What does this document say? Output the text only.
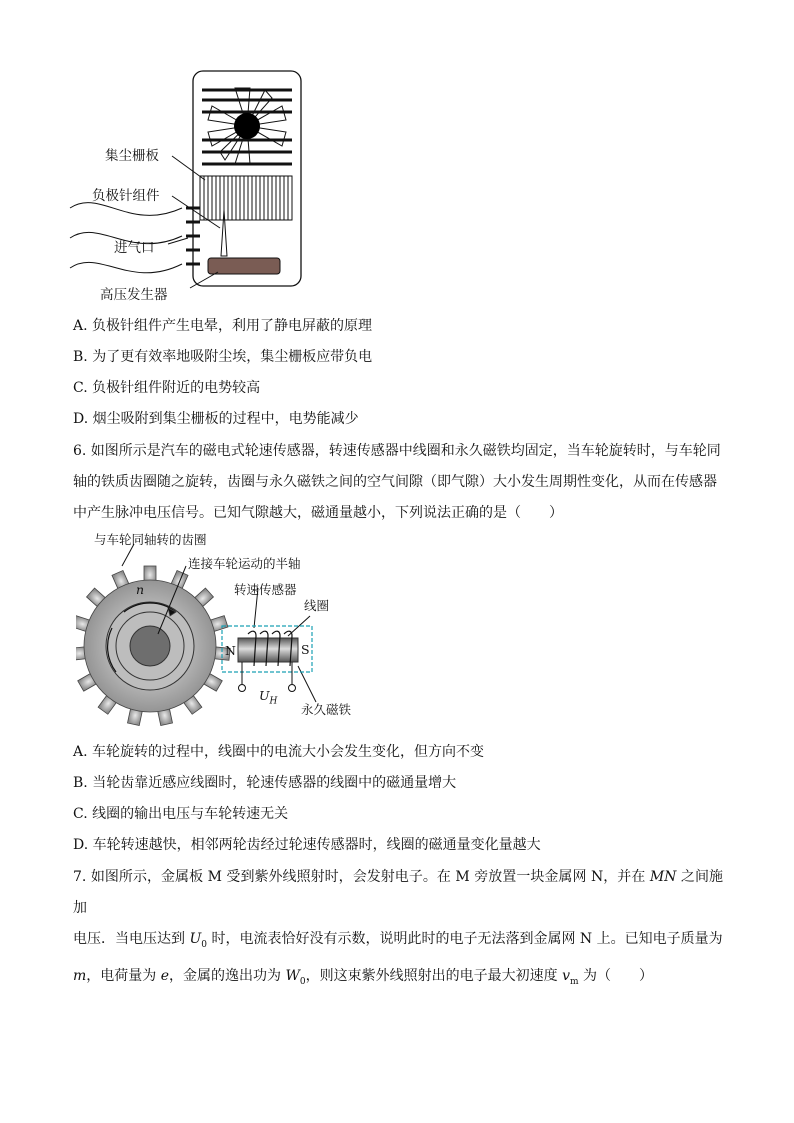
集尘栅板
负极针组件
进气口
高压发生器
A. 负极针组件产生电晕，利用了静电屏蔽的原理
B. 为了更有效率地吸附尘埃，集尘栅板应带负电
C. 负极针组件附近的电势较高
D. 烟尘吸附到集尘栅板的过程中，电势能减少
6. 如图所示是汽车的磁电式轮速传感器，转速传感器中线圈和永久磁铁均固定，当车轮旋转时，与车轮同
轴的铁质齿圈随之旋转，齿圈与永久磁铁之间的空气间隙（即气隙）大小发生周期性变化，从而在传感器
中产生脉冲电压信号。已知气隙越大，磁通量越小，下列说法正确的是（　　）
与车轮同轴转的齿圈
连接车轮运动的半轴
n	转速传感器
线圈
N	S
$U_H$
永久磁铁
A. 车轮旋转的过程中，线圈中的电流大小会发生变化，但方向不变
B. 当轮齿靠近感应线圈时，轮速传感器的线圈中的磁通量增大
C. 线圈的输出电压与车轮转速无关
D. 车轮转速越快，相邻两轮齿经过轮速传感器时，线圈的磁通量变化量越大
7. 如图所示，金属板 M 受到紫外线照射时，会发射电子。在 M 旁放置一块金属网 N，并在 MN 之间施加
电压．当电压达到 $U_0$ 时，电流表恰好没有示数，说明此时的电子无法落到金属网 N 上。已知电子质量为
m，电荷量为 e，金属的逸出功为 $W_0$，则这束紫外线照射出的电子最大初速度 $v_m$ 为（　　）
